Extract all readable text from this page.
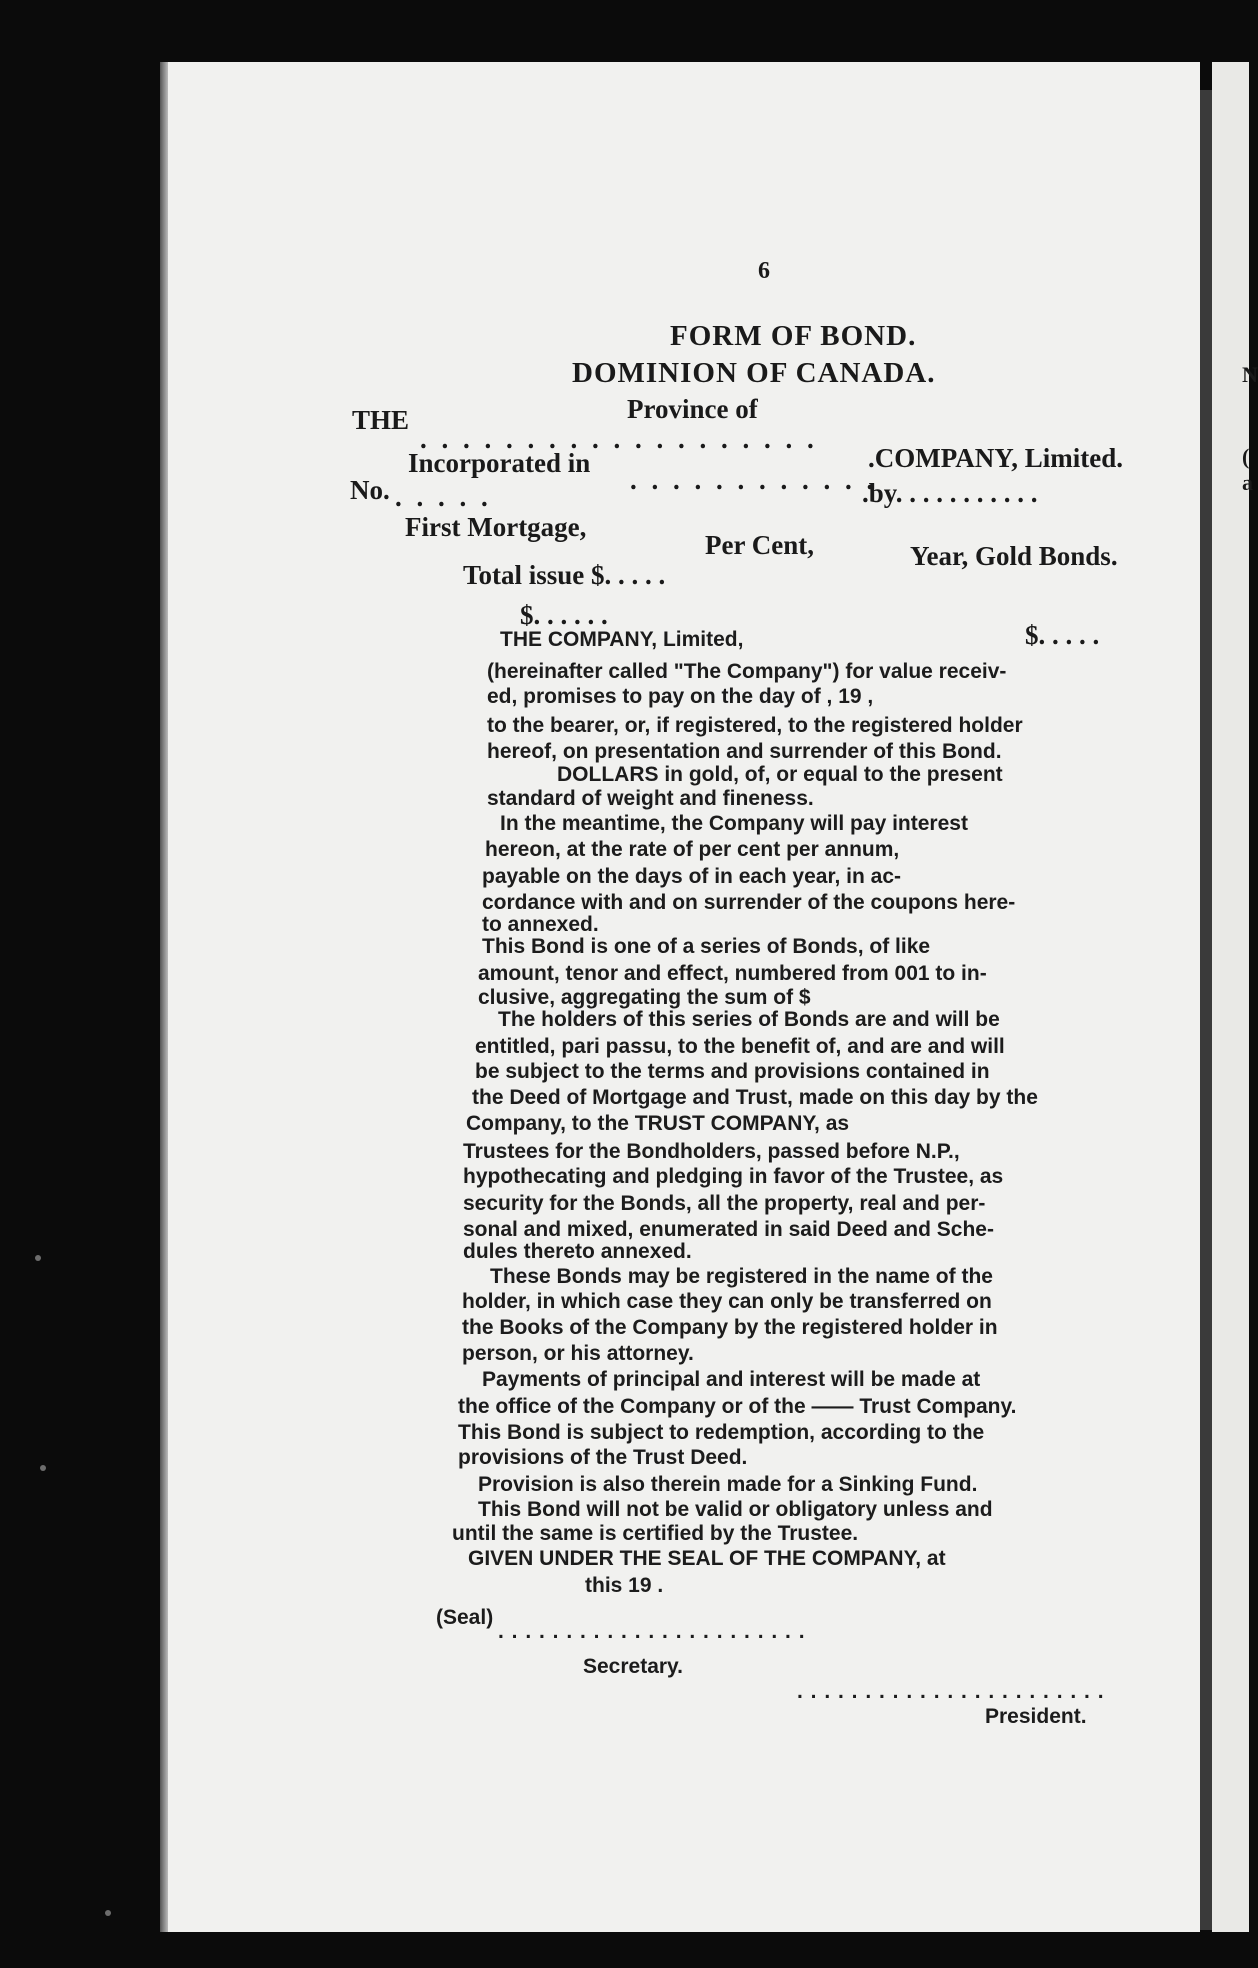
N
(
a
6
FORM OF BOND.
DOMINION OF CANADA.
Province of
THE
. . . . . . . . . . . . . . . . . . .
.COMPANY, Limited.
Incorporated in
. . . . . . . . . . . .
.by. . . . . . . . . . .
No. . . . . .
First Mortgage,
Per Cent,	Year, Gold Bonds.
Total issue $. . . . .
$. . . . . .
$. . . . .
THE COMPANY, Limited,
(hereinafter called "The Company") for value receiv-
ed, promises to pay on the day of , 19 ,
to the bearer, or, if registered, to the registered holder
hereof, on presentation and surrender of this Bond.
DOLLARS in gold, of, or equal to the present
standard of weight and fineness.
In the meantime, the Company will pay interest
hereon, at the rate of per cent per annum,
payable on the days of in each year, in ac-
cordance with and on surrender of the coupons here-
to annexed.
This Bond is one of a series of Bonds, of like
amount, tenor and effect, numbered from 001 to in-
clusive, aggregating the sum of $
The holders of this series of Bonds are and will be
entitled, pari passu, to the benefit of, and are and will
be subject to the terms and provisions contained in
the Deed of Mortgage and Trust, made on this day by the
Company, to the TRUST COMPANY, as
Trustees for the Bondholders, passed before N.P.,
hypothecating and pledging in favor of the Trustee, as
security for the Bonds, all the property, real and per-
sonal and mixed, enumerated in said Deed and Sche-
dules thereto annexed.
These Bonds may be registered in the name of the
holder, in which case they can only be transferred on
the Books of the Company by the registered holder in
person, or his attorney.
Payments of principal and interest will be made at
the office of the Company or of the —— Trust Company.
This Bond is subject to redemption, according to the
provisions of the Trust Deed.
Provision is also therein made for a Sinking Fund.
This Bond will not be valid or obligatory unless and
until the same is certified by the Trustee.
GIVEN UNDER THE SEAL OF THE COMPANY, at
this 19 .
(Seal)
. . . . . . . . . . . . . . . . . . . . . . .
Secretary.
. . . . . . . . . . . . . . . . . . . . . . .
President.
